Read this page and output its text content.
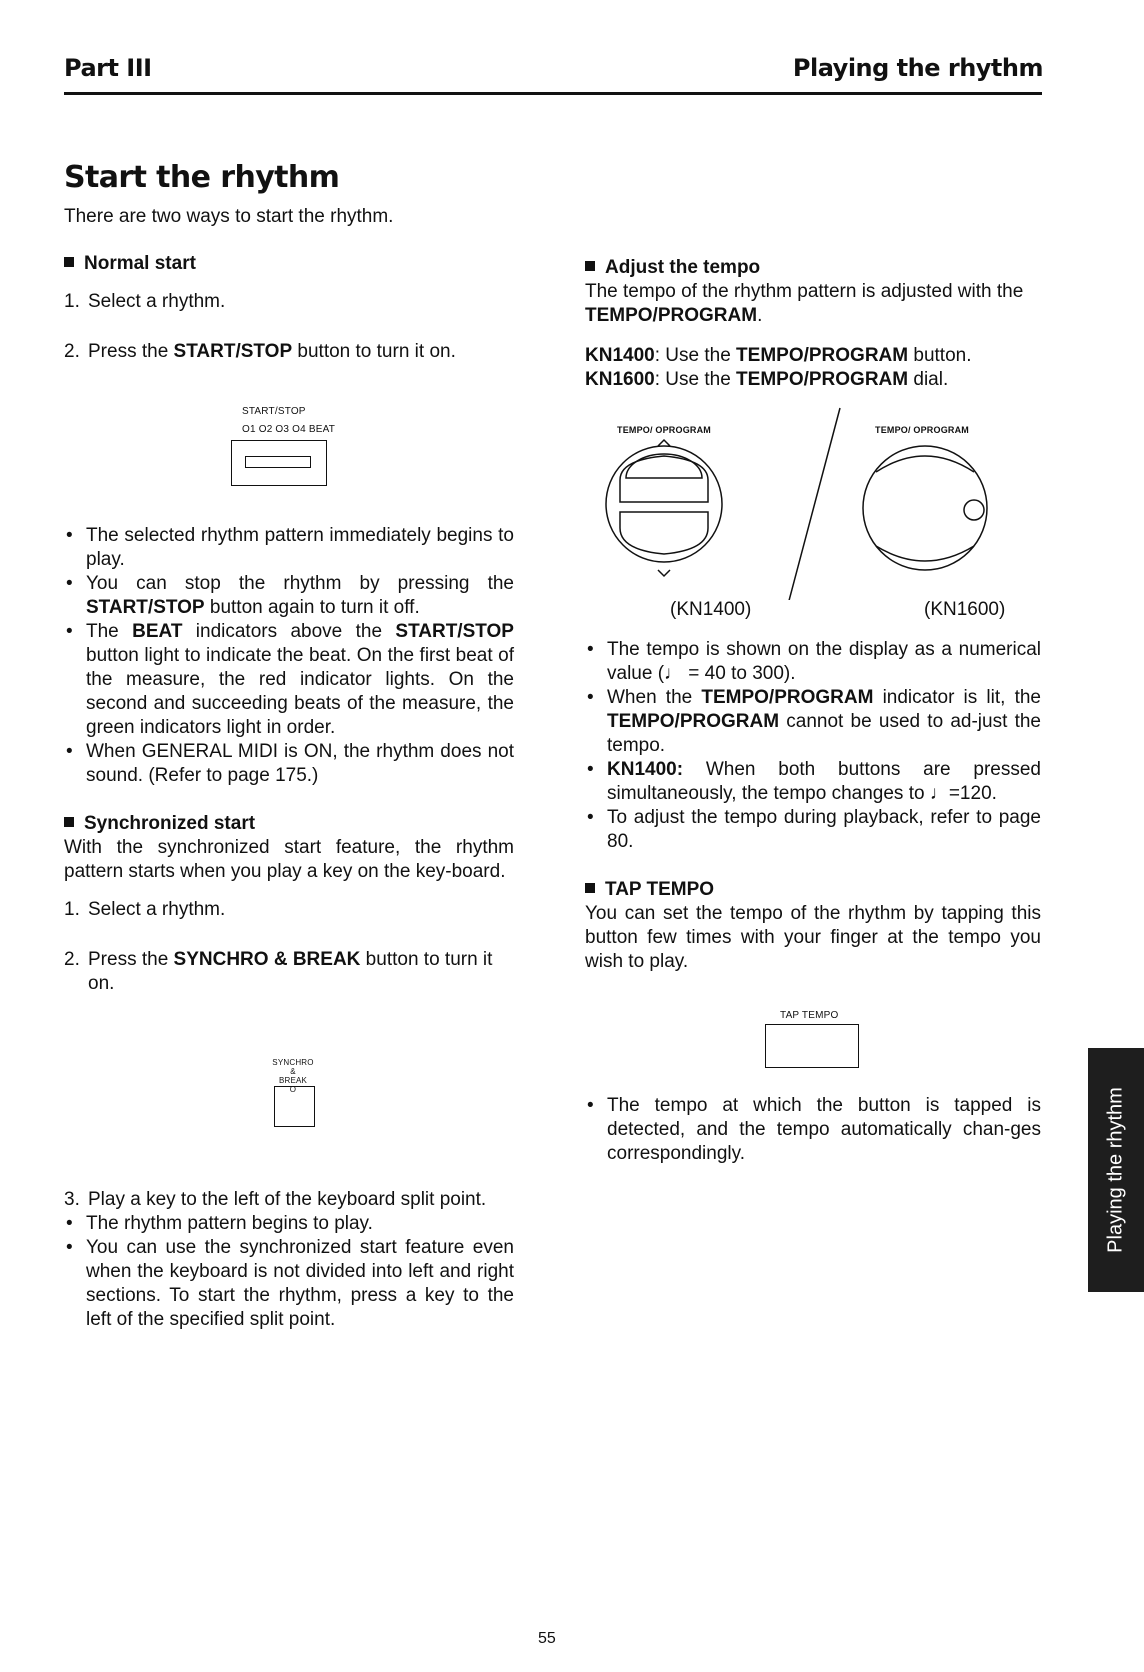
Part III	Playing the rhythm
Start the rhythm
There are two ways to start the rhythm.
Normal start
1. Select a rhythm.
2. Press the START/STOP button to turn it on.
START/STOP
O1 O2 O3 O4 BEAT
• The selected rhythm pattern immediately begins to play.
• You can stop the rhythm by pressing the START/STOP button again to turn it off.
• The BEAT indicators above the START/STOP button light to indicate the beat. On the first beat of the measure, the red indicator lights. On the second and succeeding beats of the measure, the green indicators light in order.
• When GENERAL MIDI is ON, the rhythm does not sound. (Refer to page 175.)
Synchronized start
With the synchronized start feature, the rhythm pattern starts when you play a key on the key-board.
1. Select a rhythm.
2. Press the SYNCHRO & BREAK button to turn it on.
SYNCHRO &
BREAK
O
3. Play a key to the left of the keyboard split point.
• The rhythm pattern begins to play.
• You can use the synchronized start feature even when the keyboard is not divided into left and right sections. To start the rhythm, press a key to the left of the specified split point.
Adjust the tempo
The tempo of the rhythm pattern is adjusted with the TEMPO/PROGRAM.
KN1400: Use the TEMPO/PROGRAM button.
KN1600: Use the TEMPO/PROGRAM dial.
TEMPO/ OPROGRAM	TEMPO/ OPROGRAM
(KN1400)	(KN1600)
• The tempo is shown on the display as a numerical value (♩ = 40 to 300).
• When the TEMPO/PROGRAM indicator is lit, the TEMPO/PROGRAM cannot be used to ad-just the tempo.
• KN1400: When both buttons are pressed simultaneously, the tempo changes to ♩=120.
• To adjust the tempo during playback, refer to page 80.
TAP TEMPO
You can set the tempo of the rhythm by tapping this button few times with your finger at the tempo you wish to play.
TAP TEMPO
• The tempo at which the button is tapped is detected, and the tempo automatically chan-ges correspondingly.	Playing the rhythm
55
